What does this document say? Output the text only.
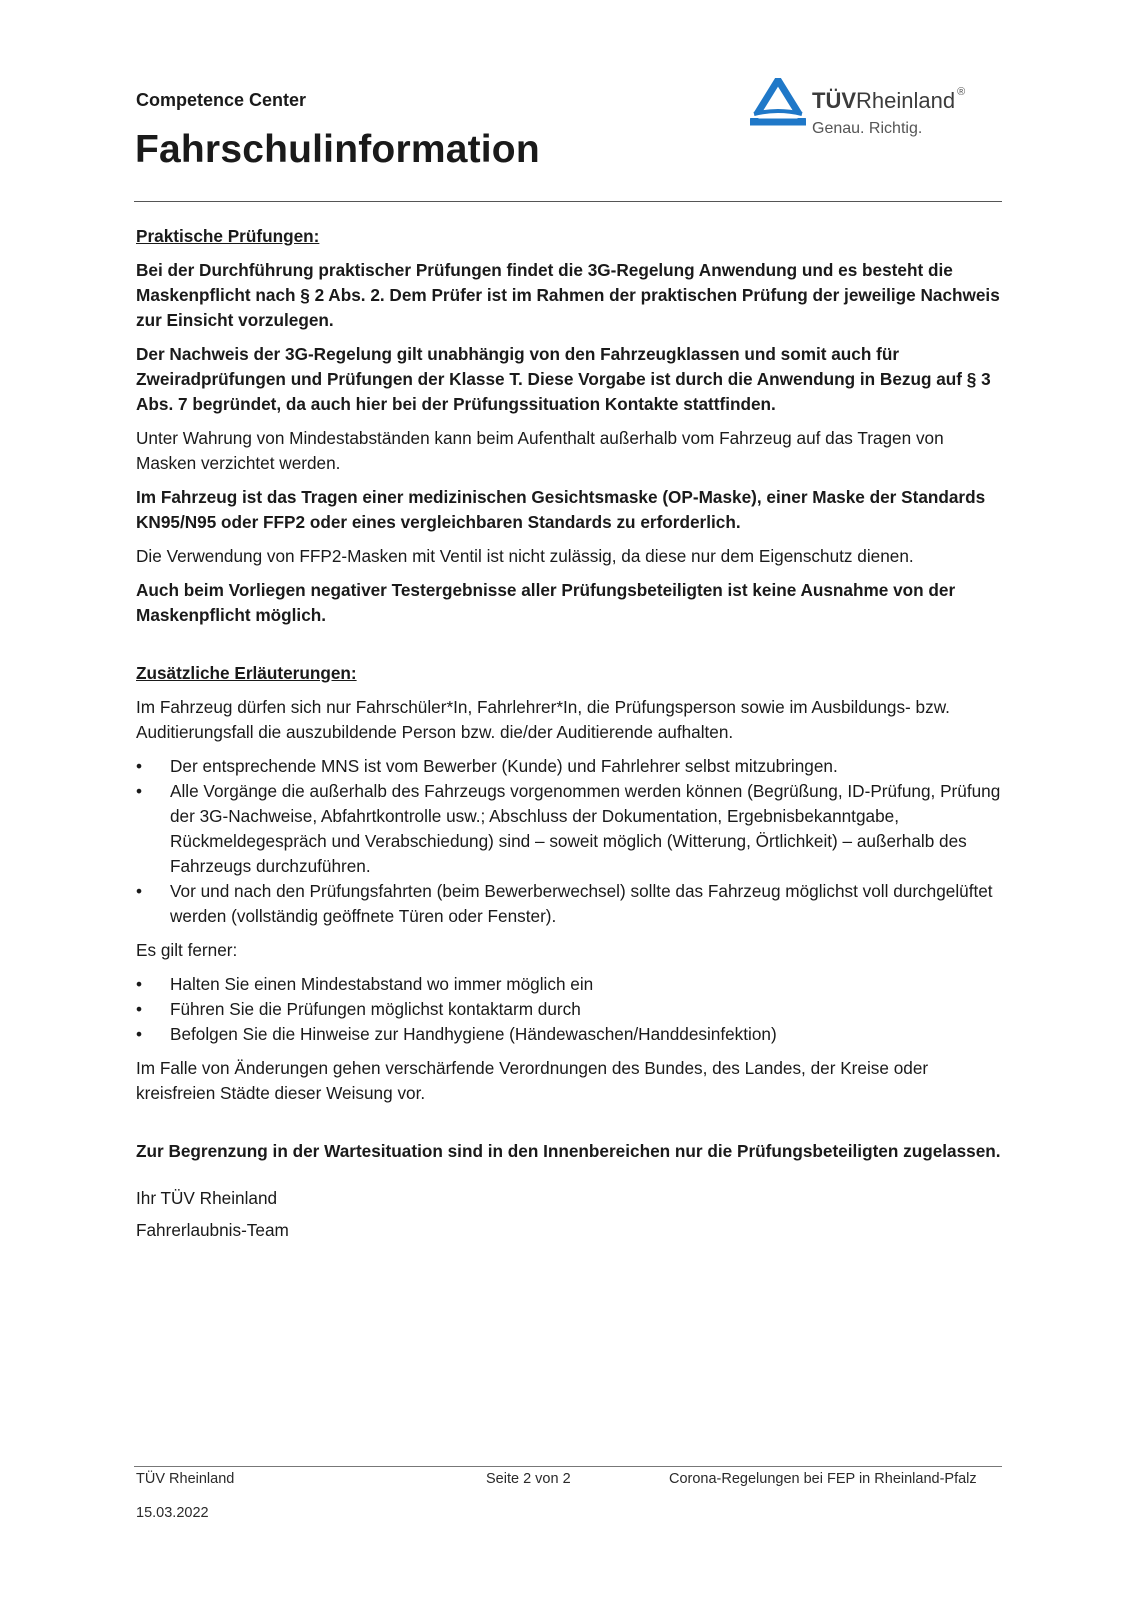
Competence Center
Fahrschulinformation
TÜVRheinland ®
Genau. Richtig.

Praktische Prüfungen:

Bei der Durchführung praktischer Prüfungen findet die 3G-Regelung Anwendung und es besteht die Maskenpflicht nach § 2 Abs. 2. Dem Prüfer ist im Rahmen der praktischen Prüfung der jeweilige Nachweis zur Einsicht vorzulegen.

Der Nachweis der 3G-Regelung gilt unabhängig von den Fahrzeugklassen und somit auch für Zweiradprüfungen und Prüfungen der Klasse T. Diese Vorgabe ist durch die Anwendung in Bezug auf § 3 Abs. 7 begründet, da auch hier bei der Prüfungssituation Kontakte stattfinden.

Unter Wahrung von Mindestabständen kann beim Aufenthalt außerhalb vom Fahrzeug auf das Tragen von Masken verzichtet werden.

Im Fahrzeug ist das Tragen einer medizinischen Gesichtsmaske (OP-Maske), einer Maske der Standards KN95/N95 oder FFP2 oder eines vergleichbaren Standards zu erforderlich.

Die Verwendung von FFP2-Masken mit Ventil ist nicht zulässig, da diese nur dem Eigenschutz dienen.

Auch beim Vorliegen negativer Testergebnisse aller Prüfungsbeteiligten ist keine Ausnahme von der Maskenpflicht möglich.

Zusätzliche Erläuterungen:

Im Fahrzeug dürfen sich nur Fahrschüler*In, Fahrlehrer*In, die Prüfungsperson sowie im Ausbildungs- bzw. Auditierungsfall die auszubildende Person bzw. die/der Auditierende aufhalten.

• Der entsprechende MNS ist vom Bewerber (Kunde) und Fahrlehrer selbst mitzubringen.
• Alle Vorgänge die außerhalb des Fahrzeugs vorgenommen werden können (Begrüßung, ID-Prüfung, Prüfung der 3G-Nachweise, Abfahrtkontrolle usw.; Abschluss der Dokumentation, Ergebnisbekanntgabe, Rückmeldegespräch und Verabschiedung) sind – soweit möglich (Witterung, Örtlichkeit) – außerhalb des Fahrzeugs durchzuführen.
• Vor und nach den Prüfungsfahrten (beim Bewerberwechsel) sollte das Fahrzeug möglichst voll durchgelüftet werden (vollständig geöffnete Türen oder Fenster).

Es gilt ferner:

• Halten Sie einen Mindestabstand wo immer möglich ein
• Führen Sie die Prüfungen möglichst kontaktarm durch
• Befolgen Sie die Hinweise zur Handhygiene (Händewaschen/Handdesinfektion)

Im Falle von Änderungen gehen verschärfende Verordnungen des Bundes, des Landes, der Kreise oder kreisfreien Städte dieser Weisung vor.

Zur Begrenzung in der Wartesituation sind in den Innenbereichen nur die Prüfungsbeteiligten zugelassen.

Ihr TÜV Rheinland
Fahrerlaubnis-Team
TÜV Rheinland	Seite 2 von 2	Corona-Regelungen bei FEP in Rheinland-Pfalz
15.03.2022
